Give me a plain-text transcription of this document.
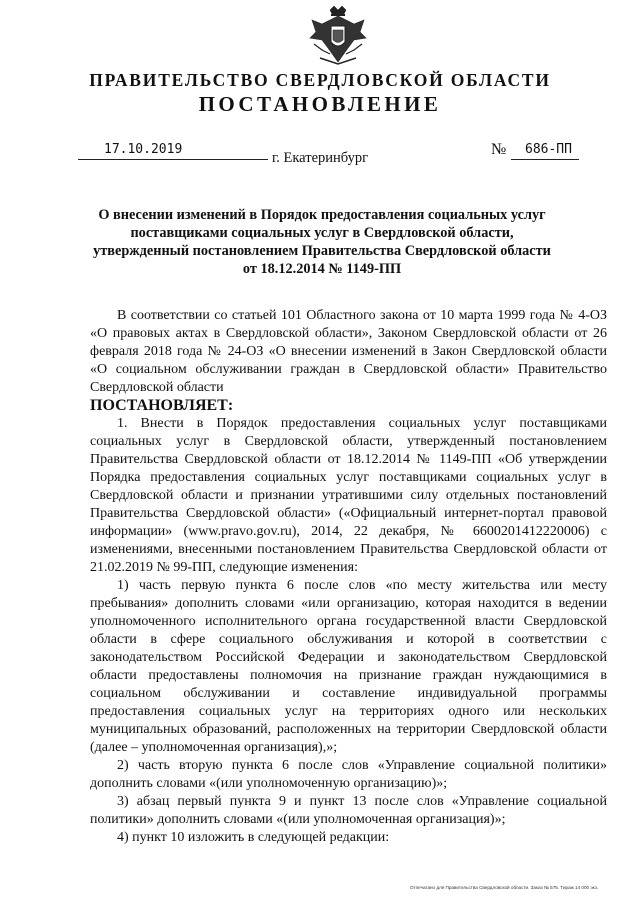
ПРАВИТЕЛЬСТВО СВЕРДЛОВСКОЙ ОБЛАСТИ
ПОСТАНОВЛЕНИЕ
17.10.2019	№	686-ПП
г. Екатеринбург
О внесении изменений в Порядок предоставления социальных услуг поставщиками социальных услуг в Свердловской области, утвержденный постановлением Правительства Свердловской области от 18.12.2014 № 1149-ПП

В соответствии со статьей 101 Областного закона от 10 марта 1999 года № 4-ОЗ «О правовых актах в Свердловской области», Законом Свердловской области от 26 февраля 2018 года № 24-ОЗ «О внесении изменений в Закон Свердловской области «О социальном обслуживании граждан в Свердловской области» Правительство Свердловской области

ПОСТАНОВЛЯЕТ:

1. Внести в Порядок предоставления социальных услуг поставщиками социальных услуг в Свердловской области, утвержденный постановлением Правительства Свердловской области от 18.12.2014 № 1149-ПП «Об утверждении Порядка предоставления социальных услуг поставщиками социальных услуг в Свердловской области и признании утратившими силу отдельных постановлений Правительства Свердловской области» («Официальный интернет-портал правовой информации» (www.pravo.gov.ru), 2014, 22 декабря, № 6600201412220006) с изменениями, внесенными постановлением Правительства Свердловской области от 21.02.2019 № 99-ПП, следующие изменения:

1) часть первую пункта 6 после слов «по месту жительства или месту пребывания» дополнить словами «или организацию, которая находится в ведении уполномоченного исполнительного органа государственной власти Свердловской области в сфере социального обслуживания и которой в соответствии с законодательством Российской Федерации и законодательством Свердловской области предоставлены полномочия на признание граждан нуждающимися в социальном обслуживании и составление индивидуальной программы предоставления социальных услуг на территориях одного или нескольких муниципальных образований, расположенных на территории Свердловской области (далее – уполномоченная организация),»;

2) часть вторую пункта 6 после слов «Управление социальной политики» дополнить словами «(или уполномоченную организацию)»;

3) абзац первый пункта 9 и пункт 13 после слов «Управление социальной политики» дополнить словами «(или уполномоченная организация)»;

4) пункт 10 изложить в следующей редакции:

Отпечатано для Правительства Свердловской области. Заказ № 575. Тираж 14 000 экз.
